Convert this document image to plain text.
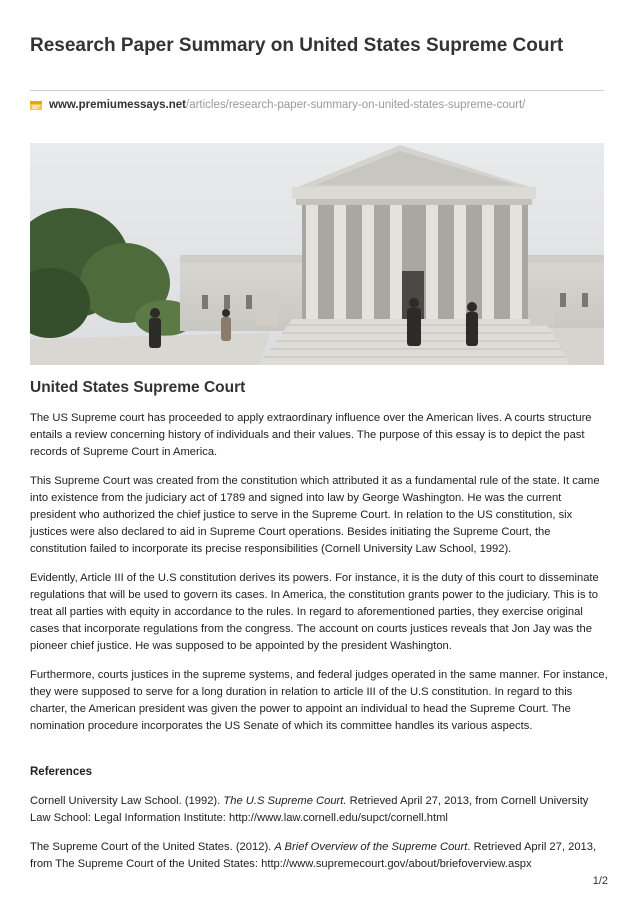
Research Paper Summary on United States Supreme Court
www.premiumessays.net /articles/research-paper-summary-on-united-states-supreme-court/
United States Supreme Court

The US Supreme court has proceeded to apply extraordinary influence over the American lives. A courts structure entails a review concerning history of individuals and their values. The purpose of this essay is to depict the past records of Supreme Court in America.

This Supreme Court was created from the constitution which attributed it as a fundamental rule of the state. It came into existence from the judiciary act of 1789 and signed into law by George Washington. He was the current president who authorized the chief justice to serve in the Supreme Court. In relation to the US constitution, six justices were also declared to aid in Supreme Court operations. Besides initiating the Supreme Court, the constitution failed to incorporate its precise responsibilities (Cornell University Law School, 1992).

Evidently, Article III of the U.S constitution derives its powers. For instance, it is the duty of this court to disseminate regulations that will be used to govern its cases. In America, the constitution grants power to the judiciary. This is to treat all parties with equity in accordance to the rules. In regard to aforementioned parties, they exercise original cases that incorporate regulations from the congress. The account on courts justices reveals that Jon Jay was the pioneer chief justice. He was supposed to be appointed by the president Washington.

Furthermore, courts justices in the supreme systems, and federal judges operated in the same manner. For instance, they were supposed to serve for a long duration in relation to article III of the U.S constitution. In regard to this charter, the American president was given the power to appoint an individual to head the Supreme Court. The nomination procedure incorporates the US Senate of which its committee handles its various aspects.

References

Cornell University Law School. (1992). The U.S Supreme Court. Retrieved April 27, 2013, from Cornell University Law School: Legal Information Institute: http://www.law.cornell.edu/supct/cornell.html

The Supreme Court of the United States. (2012). A Brief Overview of the Supreme Court. Retrieved April 27, 2013, from The Supreme Court of the United States: http://www.supremecourt.gov/about/briefoverview.aspx

1/2
